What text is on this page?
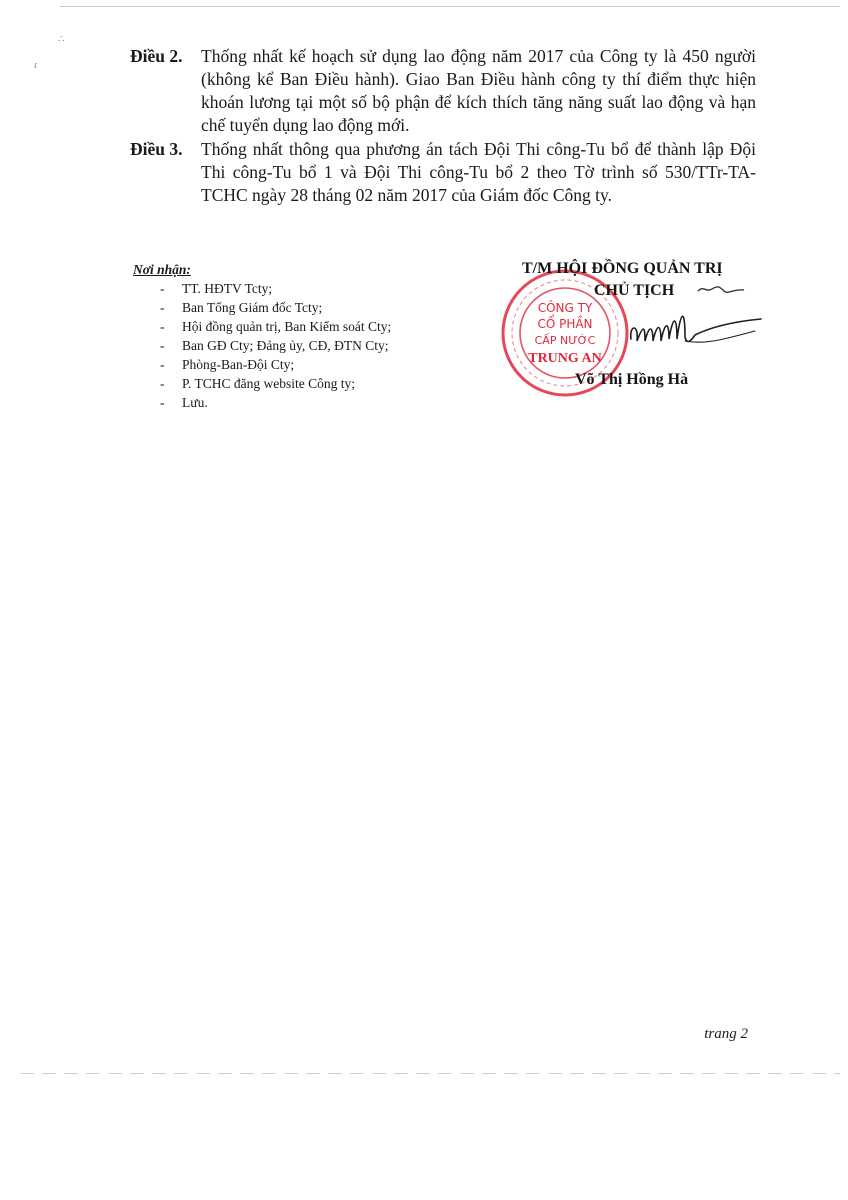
∴
ɾ	Điều 2. Thống nhất kế hoạch sử dụng lao động năm 2017 của Công ty là 450 người (không kể Ban Điều hành). Giao Ban Điều hành công ty thí điểm thực hiện khoán lương tại một số bộ phận để kích thích tăng năng suất lao động và hạn chế tuyển dụng lao động mới.
Điều 3. Thống nhất thông qua phương án tách Đội Thi công-Tu bổ để thành lập Đội Thi công-Tu bổ 1 và Đội Thi công-Tu bổ 2 theo Tờ trình số 530/TTr-TA-TCHC ngày 28 tháng 02 năm 2017 của Giám đốc Công ty.
Nơi nhận:
- TT. HĐTV Tcty;
- Ban Tổng Giám đốc Tcty;
- Hội đồng quản trị, Ban Kiểm soát Cty;
- Ban GĐ Cty; Đảng ủy, CĐ, ĐTN Cty;
- Phòng-Ban-Đội Cty;
- P. TCHC đăng website Công ty;
- Lưu.
CÔNG TY
CỔ PHẦN
CẤP NƯỚC
TRUNG AN
T/M HỘI ĐỒNG QUẢN TRỊ
CHỦ TỊCH
Võ Thị Hồng Hà
trang 2
